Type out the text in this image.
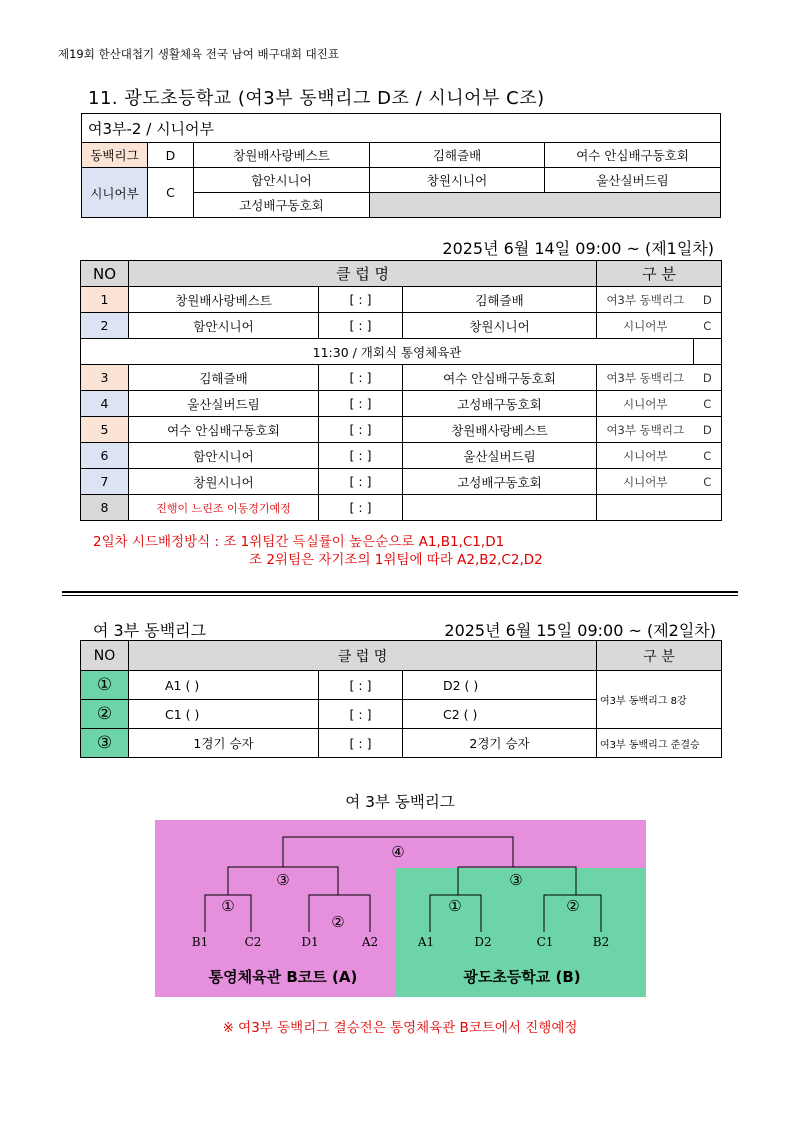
제19회 한산대첩기 생활체육 전국 남여 배구대회 대진표
11. 광도초등학교 (여3부 동백리그 D조 / 시니어부 C조)
여3부-2 / 시니어부				
동백리그	D	창원배사랑베스트	김해즐배	여수 안심배구동호회
시니어부	C	함안시니어	창원시니어	울산실버드림
		고성배구동호회		
2025년 6월 14일 09:00 ~ (제1일차)
NO	클 럽 명			구 분	
1	창원배사랑베스트	[ : ]	김해즐배	여3부 동백리그	D
2	함안시니어	[ : ]	창원시니어	시니어부	C
11:30 / 개회식 통영체육관					
3	김해즐배	[ : ]	여수 안심배구동호회	여3부 동백리그	D
4	울산실버드림	[ : ]	고성배구동호회	시니어부	C
5	여수 안심배구동호회	[ : ]	창원배사랑베스트	여3부 동백리그	D
6	함안시니어	[ : ]	울산실버드림	시니어부	C
7	창원시니어	[ : ]	고성배구동호회	시니어부	C
8	진행이 느린조 이동경기예정	[ : ]			
2일차 시드배정방식 : 조 1위팀간 득실률이 높은순으로 A1,B1,C1,D1
조 2위팀은 자기조의 1위팀에 따라 A2,B2,C2,D2
여 3부 동백리그	2025년 6월 15일 09:00 ~ (제2일차)
NO	클 럽 명			구 분
①	A1 ( )	[ : ]	D2 ( )	여3부 동백리그 8강
②	C1 ( )	[ : ]	C2 ( )	
③	1경기 승자	[ : ]	2경기 승자	여3부 동백리그 준결승
여 3부 동백리그
④
③	③
①
②
①	②
B1	C2	D1	A2	A1	D2	C1	B2
통영체육관 B코트 (A)	광도초등학교 (B)
※ 여3부 동백리그 결승전은 통영체육관 B코트에서 진행예정
